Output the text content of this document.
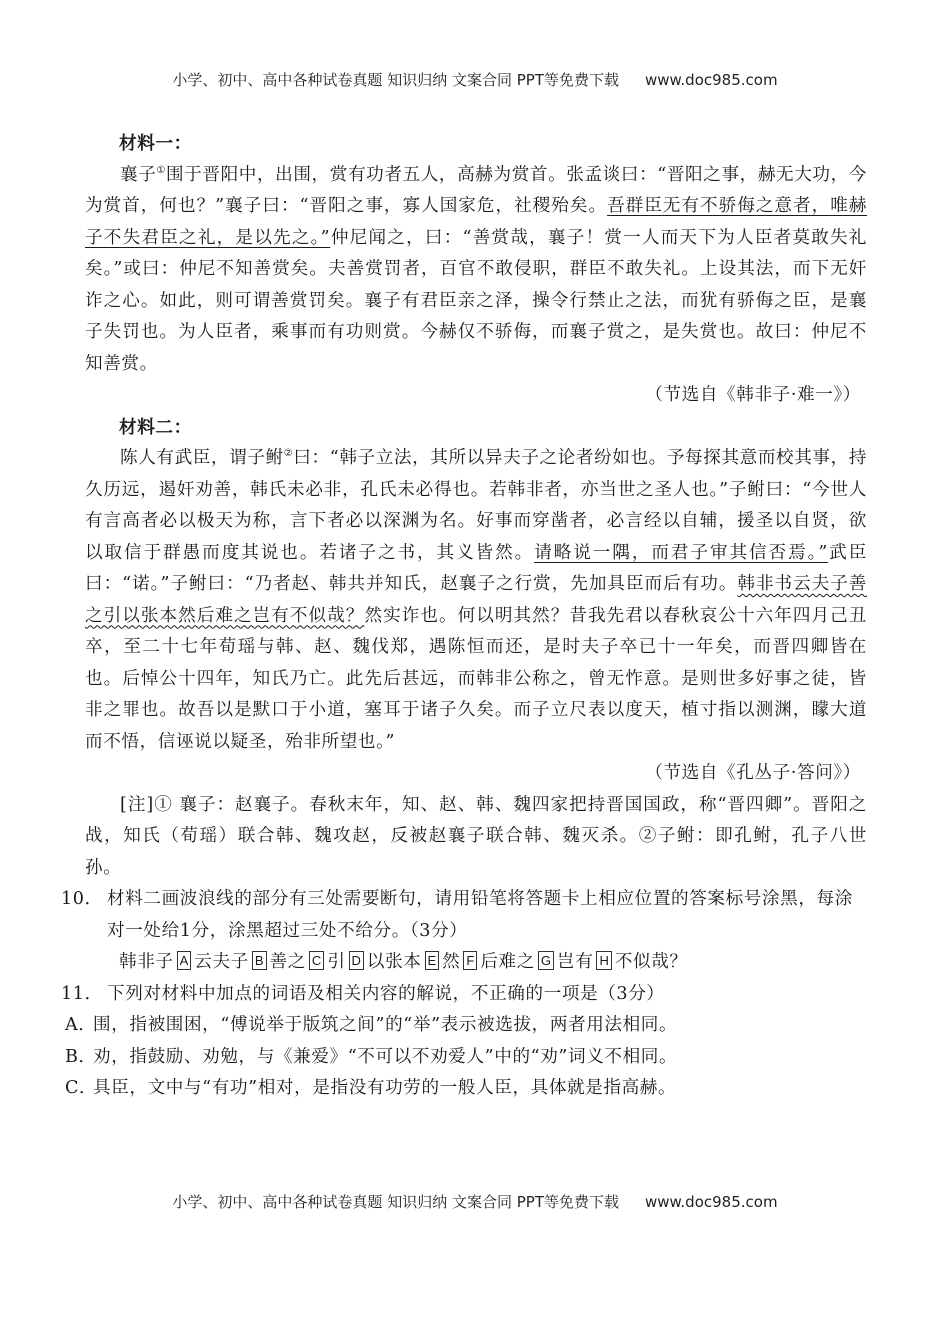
小学、初中、高中各种试卷真题 知识归纳 文案合同 PPT等免费下载 www.doc985.com
材料一：
襄子①围于晋阳中，出围，赏有功者五人，高赫为赏首。张孟谈曰：“晋阳之事，赫无大功，今为赏首，何也？”襄子曰：“晋阳之事，寡人国家危，社稷殆矣。吾群臣无有不骄侮之意者，唯赫子不失君臣之礼，是以先之。”仲尼闻之，曰：“善赏哉，襄子！赏一人而天下为人臣者莫敢失礼矣。”或曰：仲尼不知善赏矣。夫善赏罚者，百官不敢侵职，群臣不敢失礼。上设其法，而下无奸诈之心。如此，则可谓善赏罚矣。襄子有君臣亲之泽，操令行禁止之法，而犹有骄侮之臣，是襄子失罚也。为人臣者，乘事而有功则赏。今赫仅不骄侮，而襄子赏之，是失赏也。故曰：仲尼不知善赏。
（节选自《韩非子·难一》）
材料二：
陈人有武臣，谓子鲋②曰：“韩子立法，其所以异夫子之论者纷如也。予每探其意而校其事，持久历远，遏奸劝善，韩氏未必非，孔氏未必得也。若韩非者，亦当世之圣人也。”子鲋曰：“今世人有言高者必以极天为称，言下者必以深渊为名。好事而穿凿者，必言经以自辅，援圣以自贤，欲以取信于群愚而度其说也。若诸子之书，其义皆然。请略说一隅，而君子审其信否焉。”武臣曰：“诺。”子鲋曰：“乃者赵、韩共并知氏，赵襄子之行赏，先加具臣而后有功。韩非书云夫子善之引以张本然后难之岂有不似哉？然实诈也。何以明其然？昔我先君以春秋哀公十六年四月己丑卒，至二十七年荀瑶与韩、赵、魏伐郑，遇陈恒而还，是时夫子卒已十一年矣，而晋四卿皆在也。后悼公十四年，知氏乃亡。此先后甚远，而韩非公称之，曾无怍意。是则世多好事之徒，皆非之罪也。故吾以是默口于小道，塞耳于诸子久矣。而子立尺表以度天，植寸指以测渊，矇大道而不悟，信诬说以疑圣，殆非所望也。”
（节选自《孔丛子·答问》）
[注]① 襄子：赵襄子。春秋末年，知、赵、韩、魏四家把持晋国国政，称“晋四卿”。晋阳之战，知氏（荀瑶）联合韩、魏攻赵，反被赵襄子联合韩、魏灭杀。②子鲋：即孔鲋，孔子八世孙。
10． 材料二画波浪线的部分有三处需要断句，请用铅笔将答题卡上相应位置的答案标号涂黑，每涂对一处给1分，涂黑超过三处不给分。（3分）
韩非子 A 云夫子 B 善之 C 引 D 以张本 E 然 F 后难之 G 岂有 H 不似哉？
11． 下列对材料中加点的词语及相关内容的解说，不正确的一项是（3分）
A．围，指被围困，“傅说举于版筑之间”的“举”表示被选拔，两者用法相同。
B．劝，指鼓励、劝勉，与《兼爱》“不可以不劝爱人”中的“劝”词义不相同。
C．具臣，文中与“有功”相对，是指没有功劳的一般人臣，具体就是指高赫。
小学、初中、高中各种试卷真题 知识归纳 文案合同 PPT等免费下载 www.doc985.com
